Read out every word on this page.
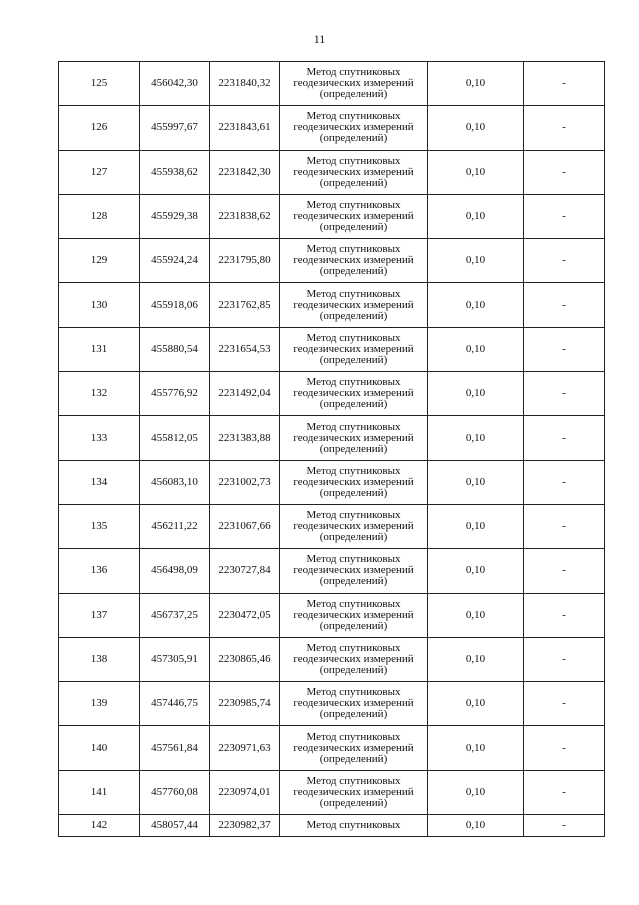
11
125	456042,30	2231840,32	Метод спутниковых геодезических измерений (определений)	0,10	-
126	455997,67	2231843,61	Метод спутниковых геодезических измерений (определений)	0,10	-
127	455938,62	2231842,30	Метод спутниковых геодезических измерений (определений)	0,10	-
128	455929,38	2231838,62	Метод спутниковых геодезических измерений (определений)	0,10	-
129	455924,24	2231795,80	Метод спутниковых геодезических измерений (определений)	0,10	-
130	455918,06	2231762,85	Метод спутниковых геодезических измерений (определений)	0,10	-
131	455880,54	2231654,53	Метод спутниковых геодезических измерений (определений)	0,10	-
132	455776,92	2231492,04	Метод спутниковых геодезических измерений (определений)	0,10	-
133	455812,05	2231383,88	Метод спутниковых геодезических измерений (определений)	0,10	-
134	456083,10	2231002,73	Метод спутниковых геодезических измерений (определений)	0,10	-
135	456211,22	2231067,66	Метод спутниковых геодезических измерений (определений)	0,10	-
136	456498,09	2230727,84	Метод спутниковых геодезических измерений (определений)	0,10	-
137	456737,25	2230472,05	Метод спутниковых геодезических измерений (определений)	0,10	-
138	457305,91	2230865,46	Метод спутниковых геодезических измерений (определений)	0,10	-
139	457446,75	2230985,74	Метод спутниковых геодезических измерений (определений)	0,10	-
140	457561,84	2230971,63	Метод спутниковых геодезических измерений (определений)	0,10	-
141	457760,08	2230974,01	Метод спутниковых геодезических измерений (определений)	0,10	-
142	458057,44	2230982,37	Метод спутниковых	0,10	-
